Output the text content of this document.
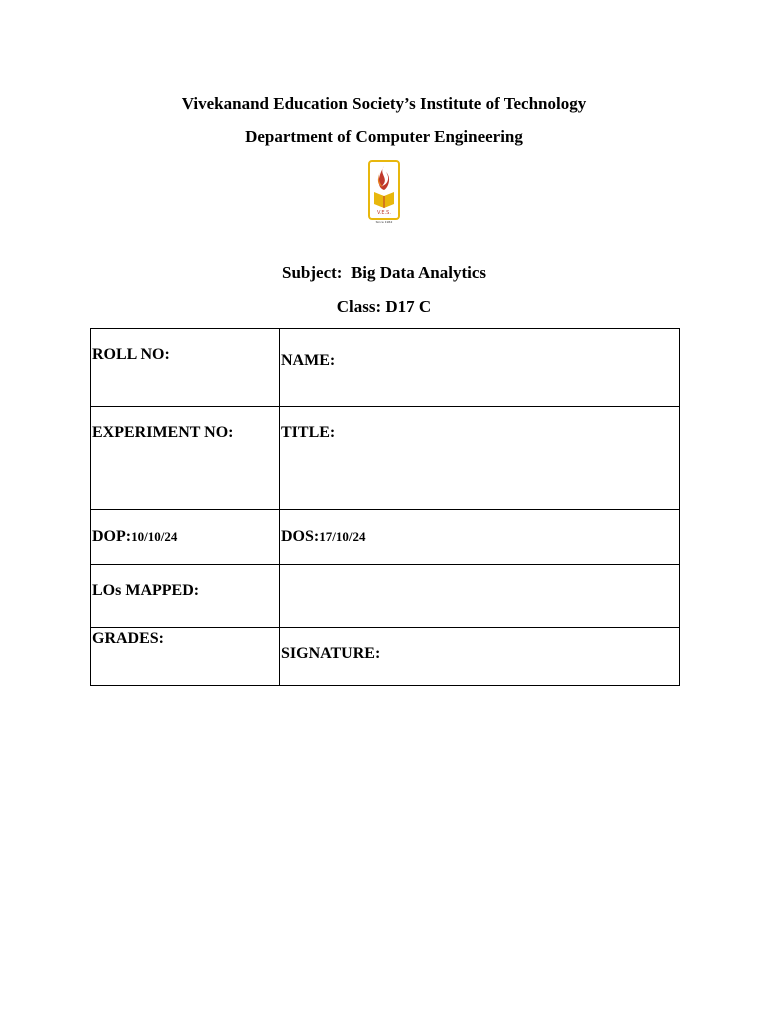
Vivekanand Education Society’s Institute of Technology
Department of Computer Engineering
V.E.S.
Since 1962
Subject:  Big Data Analytics
Class: D17 C
ROLL NO:	NAME:

EXPERIMENT NO:	TITLE:

DOP:10/10/24	DOS:17/10/24

LOs MAPPED:	

GRADES:	SIGNATURE:
